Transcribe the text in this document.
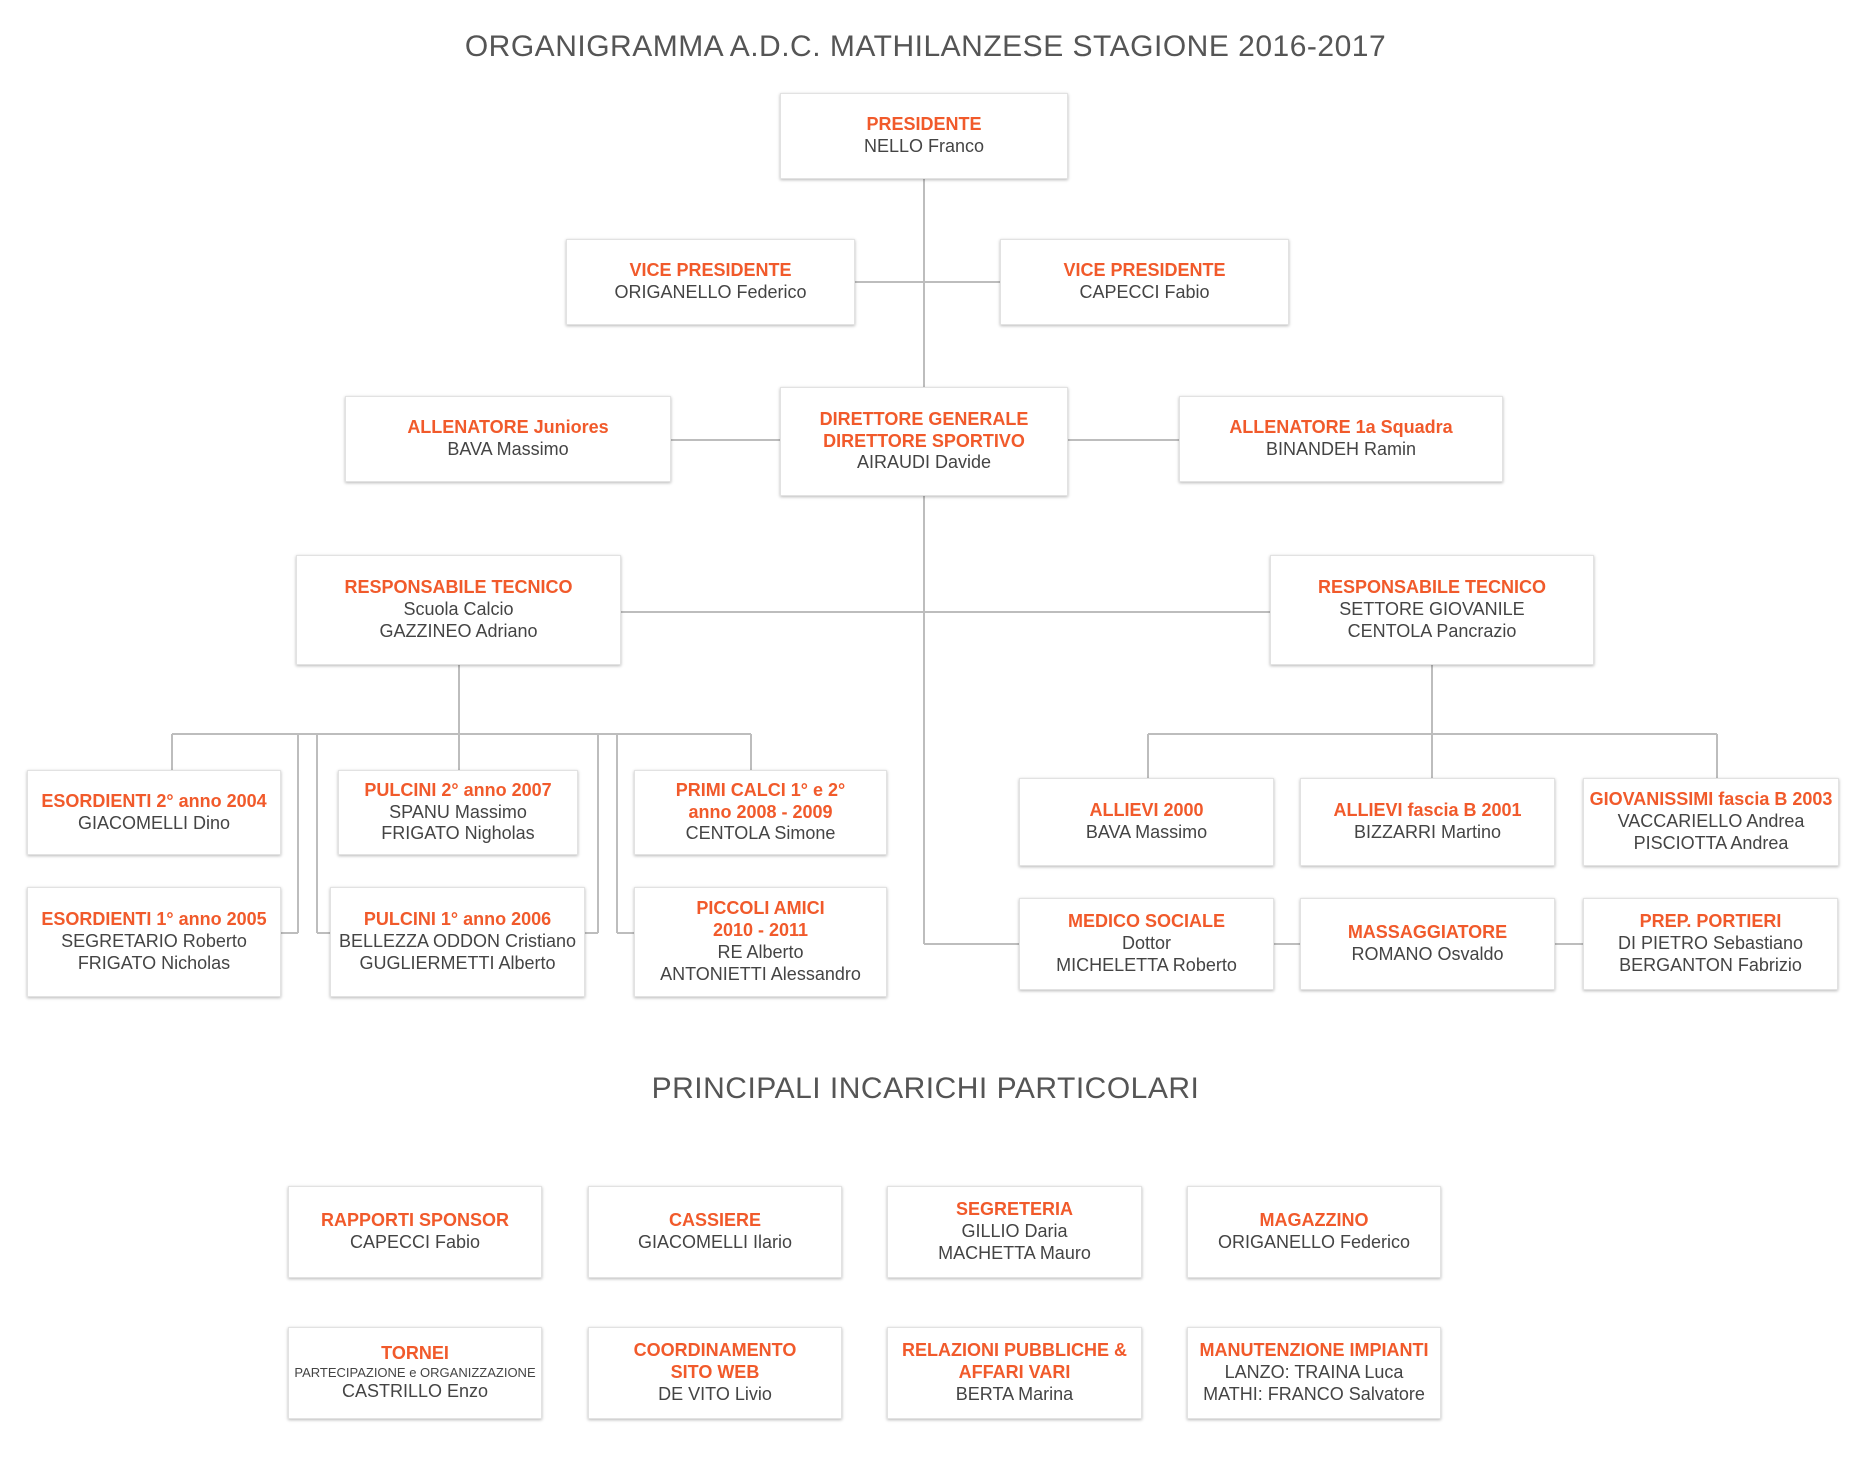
ORGANIGRAMMA A.D.C. MATHILANZESE STAGIONE 2016-2017
PRINCIPALI INCARICHI PARTICOLARI
PRESIDENTE
NELLO Franco
VICE PRESIDENTE
ORIGANELLO Federico
VICE PRESIDENTE
CAPECCI Fabio
ALLENATORE Juniores
BAVA Massimo
DIRETTORE GENERALE
DIRETTORE SPORTIVO
AIRAUDI Davide
ALLENATORE 1a Squadra
BINANDEH Ramin
RESPONSABILE TECNICO
Scuola Calcio
GAZZINEO Adriano
RESPONSABILE TECNICO
SETTORE GIOVANILE
CENTOLA Pancrazio
ESORDIENTI 2° anno 2004
GIACOMELLI Dino
ESORDIENTI 1° anno 2005
SEGRETARIO Roberto
FRIGATO Nicholas
PULCINI 2° anno 2007
SPANU Massimo
FRIGATO Nigholas
PULCINI 1° anno 2006
BELLEZZA ODDON Cristiano
GUGLIERMETTI Alberto
PRIMI CALCI 1° e 2°
anno 2008 - 2009
CENTOLA Simone
PICCOLI AMICI
2010 - 2011
RE Alberto
ANTONIETTI Alessandro
ALLIEVI 2000
BAVA Massimo
ALLIEVI fascia B 2001
BIZZARRI Martino
GIOVANISSIMI fascia B 2003
VACCARIELLO Andrea
PISCIOTTA Andrea
MEDICO SOCIALE
Dottor
MICHELETTA Roberto
MASSAGGIATORE
ROMANO Osvaldo
PREP. PORTIERI
DI PIETRO Sebastiano
BERGANTON Fabrizio
RAPPORTI SPONSOR
CAPECCI Fabio
CASSIERE
GIACOMELLI Ilario
SEGRETERIA
GILLIO Daria
MACHETTA Mauro
MAGAZZINO
ORIGANELLO Federico
TORNEI
PARTECIPAZIONE e ORGANIZZAZIONE
CASTRILLO Enzo
COORDINAMENTO
SITO WEB
DE VITO Livio
RELAZIONI PUBBLICHE &
AFFARI VARI
BERTA Marina
MANUTENZIONE IMPIANTI
LANZO: TRAINA Luca
MATHI: FRANCO Salvatore
